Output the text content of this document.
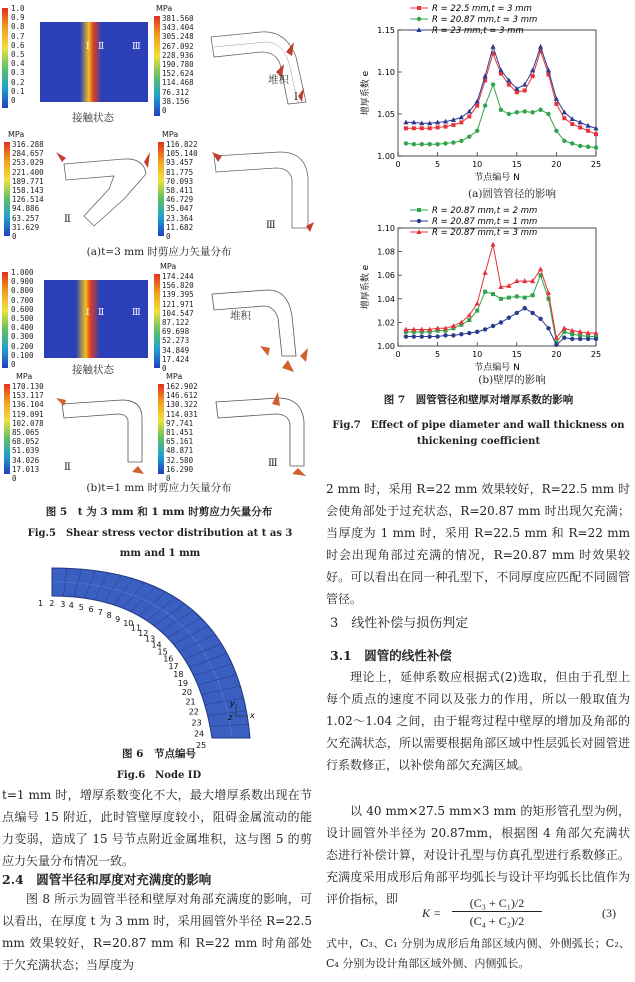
1.0
0.9
0.8
0.7
0.6
0.5
0.4
0.3
0.2
0.1
0
Ⅰ Ⅱ	Ⅲ
接触状态
MPa
381.560
343.404
305.248
267.092
228.936
190.780
152.624
114.468
76.312
38.156
0
堆积
Ⅰ
MPa
316.288
284.657
253.029
221.400
189.771
158.143
126.514
94.886
63.257
31.629
0
Ⅱ
MPa
116.822
105.140
93.457
81.775
70.093
58.411
46.729
35.047
23.364
11.682
0
Ⅲ
(a)t=3 mm 时剪应力矢量分布
1.000
0.900
0.800
0.700
0.600
0.500
0.400
0.300
0.200
0.100
0
Ⅰ Ⅱ	Ⅲ
接触状态
MPa
174.244
156.820
139.395
121.971
104.547
87.122
69.698
52.273
34.849
17.424
0
堆积
MPa
170.130
153.117
136.104
119.091
102.078
85.065
68.052
51.039
34.026
17.013
0
Ⅱ
MPa
162.902
146.612
130.322
114.031
97.741
81.451
65.161
48.871
32.580
16.290
0
Ⅲ
(b)t=1 mm 时剪应力矢量分布
图 5　t 为 3 mm 和 1 mm 时剪应力矢量分布
Fig.5　Shear stress vector distribution at t as 3 mm and 1 mm
1 2 3 4 5 6 7 8 9 10
11
12
13
14
15
16
17
18
19
20
21
22
23
24
25
y
x
z
图 6　节点编号
Fig.6　Node ID
t=1 mm 时，增厚系数变化不大，最大增厚系数出现在节点编号 15 附近，此时管壁厚度较小，阻碍金属流动的能力变弱，造成了 15 号节点附近金属堆积，这与图 5 的剪应力矢量分布情况一致。
2.4　圆管半径和厚度对充满度的影响
图 8 所示为圆管半径和壁厚对角部充满度的影响，可以看出，在厚度 t 为 3 mm 时，采用圆管外半径 R=22.5 mm 效果较好，R=20.87 mm 和 R=22 mm 时角部处于欠充满状态；当厚度为
0	5	10	15	20	25
1.00
1.05
1.10
1.15
节点编号 N
增厚系数 e
R = 22.5 mm,t = 3 mm
R = 20.87 mm,t = 3 mm
R = 23 mm,t = 3 mm
(a)圆管管径的影响
0	5	10	15	20	25
1.00
1.02
1.04
1.06
1.08
1.10
节点编号 N
增厚系数 e
R = 20.87 mm,t = 2 mm
R = 20.87 mm,t = 1 mm
R = 20.87 mm,t = 3 mm
(b)壁厚的影响
图 7　圆管管径和壁厚对增厚系数的影响
Fig.7　Effect of pipe diameter and wall thickness on
thickening coefficient
2 mm 时，采用 R=22 mm 效果较好，R=22.5 mm 时会使角部处于过充状态，R=20.87 mm 时出现欠充满；当厚度为 1 mm 时，采用 R=22.5 mm 和 R=22 mm 时会出现角部过充满的情况，R=20.87 mm 时效果较好。可以看出在同一种孔型下，不同厚度应匹配不同圆管管径。
3　线性补偿与损伤判定
3.1　圆管的线性补偿
理论上，延伸系数应根据式(2)选取，但由于孔型上每个质点的速度不同以及张力的作用，所以一般取值为 1.02～1.04 之间，由于辊弯过程中壁厚的增加及角部的欠充满状态，所以需要根据角部区域中性层弧长对圆管进行系数修正，以补偿角部欠充满区域。
以 40 mm×27.5 mm×3 mm 的矩形管孔型为例，设计圆管外半径为 20.87mm，根据图 4 角部欠充满状态进行补偿计算，对设计孔型与仿真孔型进行系数修正。充满度采用成形后角部平均弧长与设计平均弧长比值作为评价指标，即
K =
(C₃ + C₁)/2
(C₄ + C₂)/2
(3)
式中，C₃、C₁ 分别为成形后角部区域内侧、外侧弧长；C₂、C₄ 分别为设计角部区域外侧、内侧弧长。
